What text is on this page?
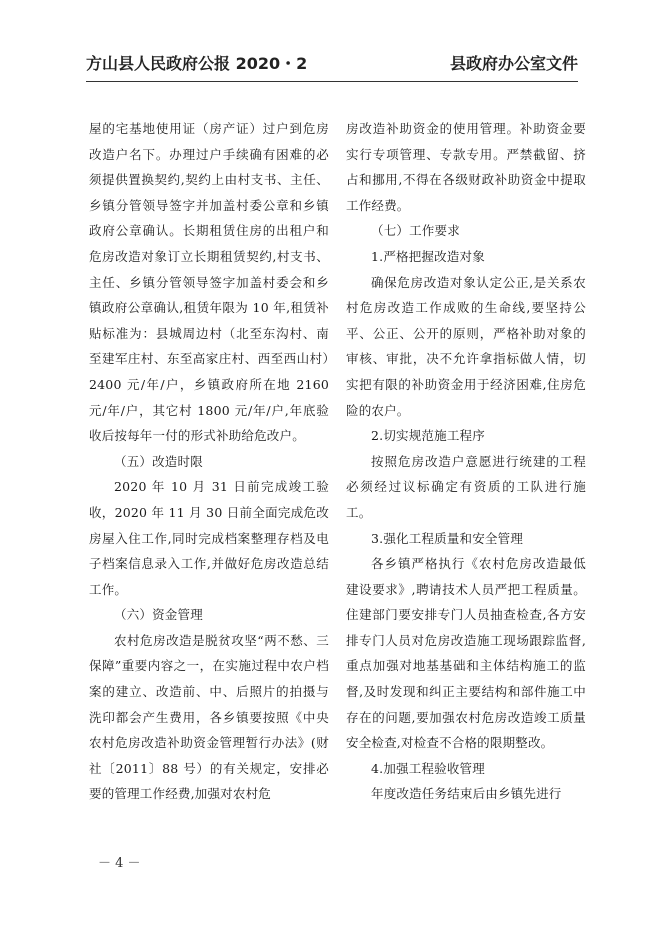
方山县人民政府公报 2020・2	县政府办公室文件

屋的宅基地使用证（房产证）过户到危房改造户名下。办理过户手续确有困难的必须提供置换契约,契约上由村支书、主任、乡镇分管领导签字并加盖村委公章和乡镇政府公章确认。长期租赁住房的出租户和危房改造对象订立长期租赁契约,村支书、主任、乡镇分管领导签字加盖村委会和乡镇政府公章确认,租赁年限为 10 年,租赁补贴标准为：县城周边村（北至东沟村、南至建军庄村、东至高家庄村、西至西山村）2400 元/年/户，乡镇政府所在地 2160 元/年/户，其它村 1800 元/年/户,年底验收后按每年一付的形式补助给危改户。

（五）改造时限

2020 年 10 月 31 日前完成竣工验收，2020 年 11 月 30 日前全面完成危改房屋入住工作,同时完成档案整理存档及电子档案信息录入工作,并做好危房改造总结工作。

（六）资金管理

农村危房改造是脱贫攻坚“两不愁、三保障”重要内容之一，在实施过程中农户档案的建立、改造前、中、后照片的拍摄与洗印都会产生费用，各乡镇要按照《中央农村危房改造补助资金管理暂行办法》(财社〔2011〕88 号）的有关规定，安排必要的管理工作经费,加强对农村危

房改造补助资金的使用管理。补助资金要实行专项管理、专款专用。严禁截留、挤占和挪用,不得在各级财政补助资金中提取工作经费。

（七）工作要求

1.严格把握改造对象

确保危房改造对象认定公正,是关系农村危房改造工作成败的生命线,要坚持公平、公正、公开的原则，严格补助对象的审核、审批，决不允许拿指标做人情，切实把有限的补助资金用于经济困难,住房危险的农户。

2.切实规范施工程序

按照危房改造户意愿进行统建的工程必须经过议标确定有资质的工队进行施工。

3.强化工程质量和安全管理

各乡镇严格执行《农村危房改造最低建设要求》,聘请技术人员严把工程质量。住建部门要安排专门人员抽查检查,各方安排专门人员对危房改造施工现场跟踪监督,重点加强对地基基础和主体结构施工的监督,及时发现和纠正主要结构和部件施工中存在的问题,要加强农村危房改造竣工质量安全检查,对检查不合格的限期整改。

4.加强工程验收管理

年度改造任务结束后由乡镇先进行

－ 4 －
